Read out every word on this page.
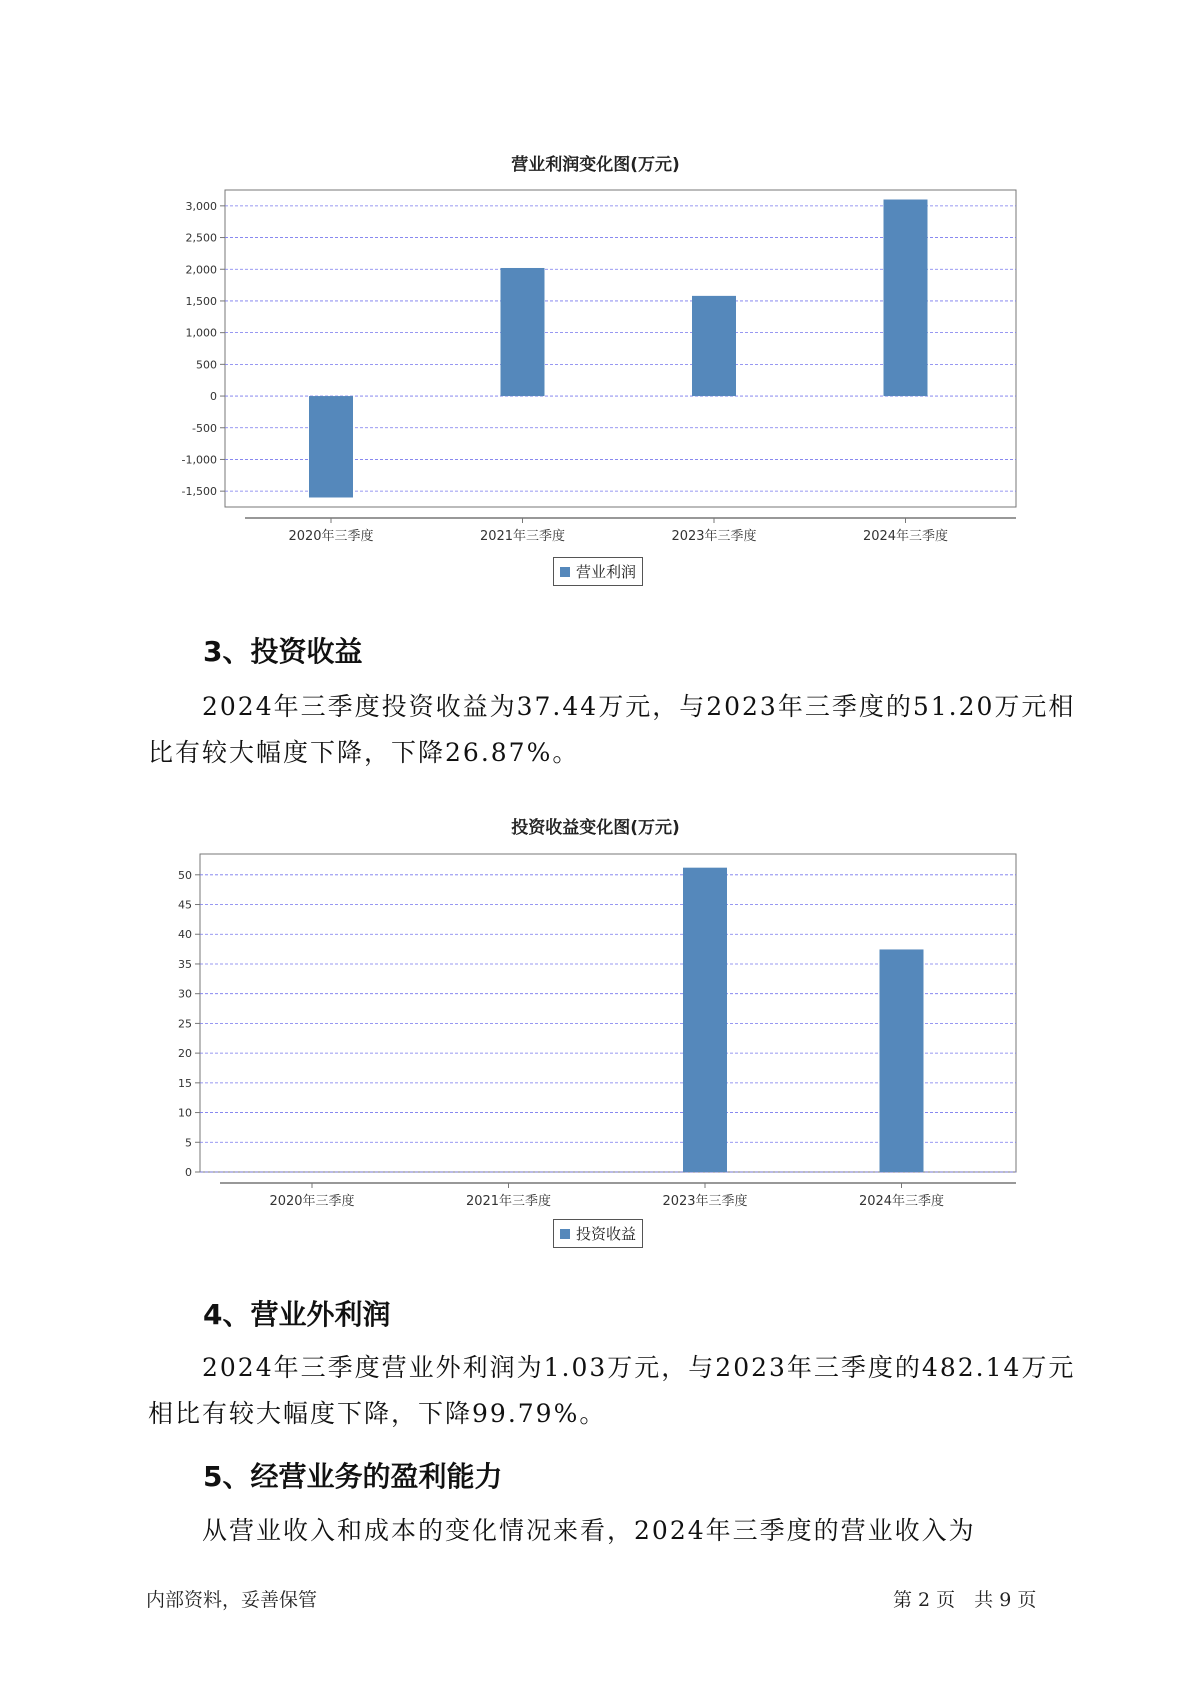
营业利润变化图(万元)
3,000
2,500
2,000
1,500
1,000
500
0
-500
-1,000
-1,500
2020年三季度	2021年三季度	2023年三季度	2024年三季度
营业利润
3、投资收益

2024年三季度投资收益为37.44万元，与2023年三季度的51.20万元相
比有较大幅度下降，下降26.87%。

投资收益变化图(万元)
50
45
40
35
30
25
20
15
10
5
0
2020年三季度	2021年三季度	2023年三季度	2024年三季度
投资收益
4、营业外利润

2024年三季度营业外利润为1.03万元，与2023年三季度的482.14万元
相比有较大幅度下降，下降99.79%。

5、经营业务的盈利能力

从营业收入和成本的变化情况来看，2024年三季度的营业收入为

内部资料，妥善保管	第 2 页　共 9 页
